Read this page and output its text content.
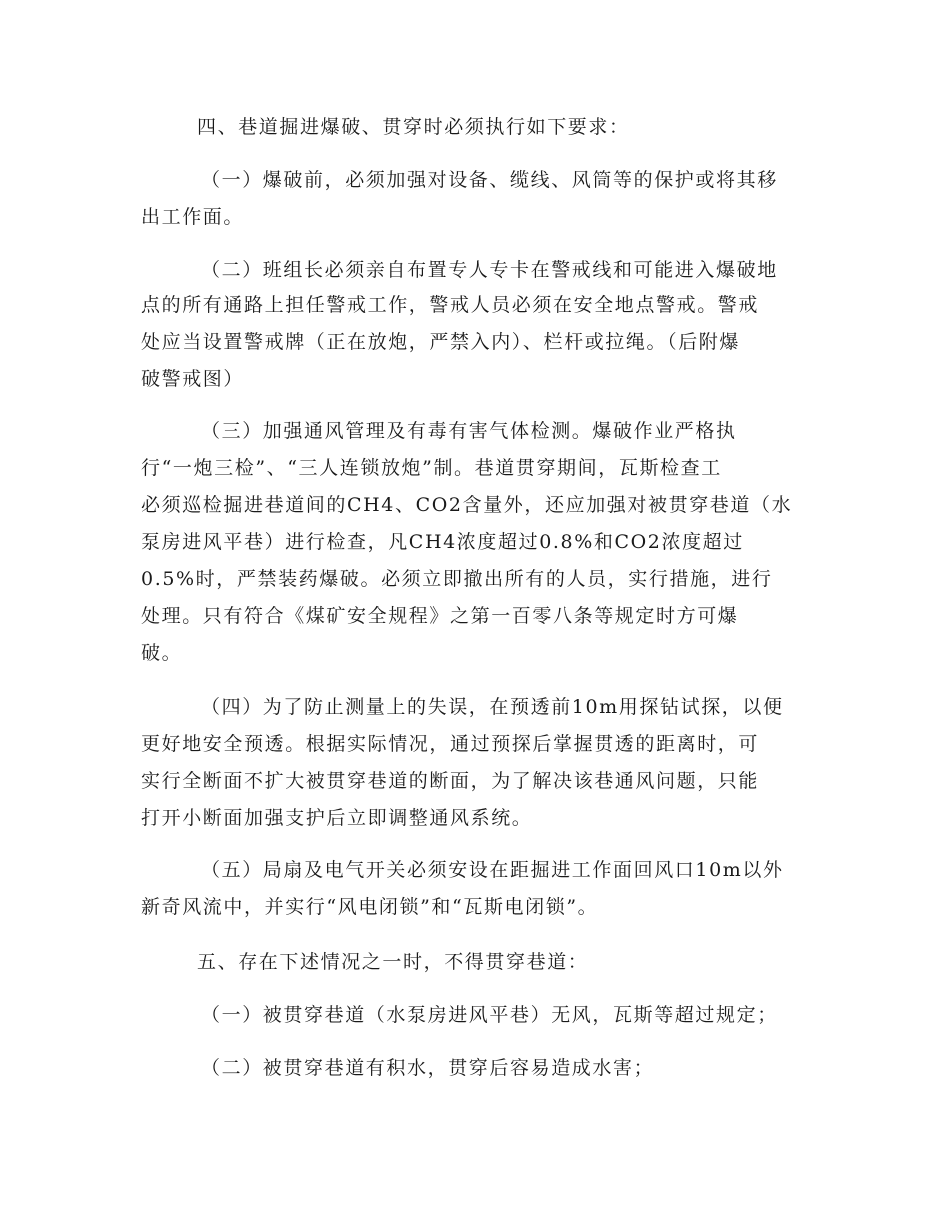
四、巷道掘进爆破、贯穿时必须执行如下要求：
（一）爆破前，必须加强对设备、缆线、风筒等的保护或将其移
出工作面。
（二）班组长必须亲自布置专人专卡在警戒线和可能进入爆破地
点的所有通路上担任警戒工作，警戒人员必须在安全地点警戒。警戒
处应当设置警戒牌（正在放炮，严禁入内）、栏杆或拉绳。（后附爆
破警戒图）
（三）加强通风管理及有毒有害气体检测。爆破作业严格执
行“一炮三检”、“三人连锁放炮”制。巷道贯穿期间，瓦斯检查工
必须巡检掘进巷道间的CH4、CO2含量外，还应加强对被贯穿巷道（水
泵房进风平巷）进行检查，凡CH4浓度超过0.8%和CO2浓度超过
0.5%时，严禁装药爆破。必须立即撤出所有的人员，实行措施，进行
处理。只有符合《煤矿安全规程》之第一百零八条等规定时方可爆
破。
（四）为了防止测量上的失误，在预透前10m用探钻试探，以便
更好地安全预透。根据实际情况，通过预探后掌握贯透的距离时，可
实行全断面不扩大被贯穿巷道的断面，为了解决该巷通风问题，只能
打开小断面加强支护后立即调整通风系统。
（五）局扇及电气开关必须安设在距掘进工作面回风口10m以外
新奇风流中，并实行“风电闭锁”和“瓦斯电闭锁”。
五、存在下述情况之一时，不得贯穿巷道：
（一）被贯穿巷道（水泵房进风平巷）无风，瓦斯等超过规定；
（二）被贯穿巷道有积水，贯穿后容易造成水害；
